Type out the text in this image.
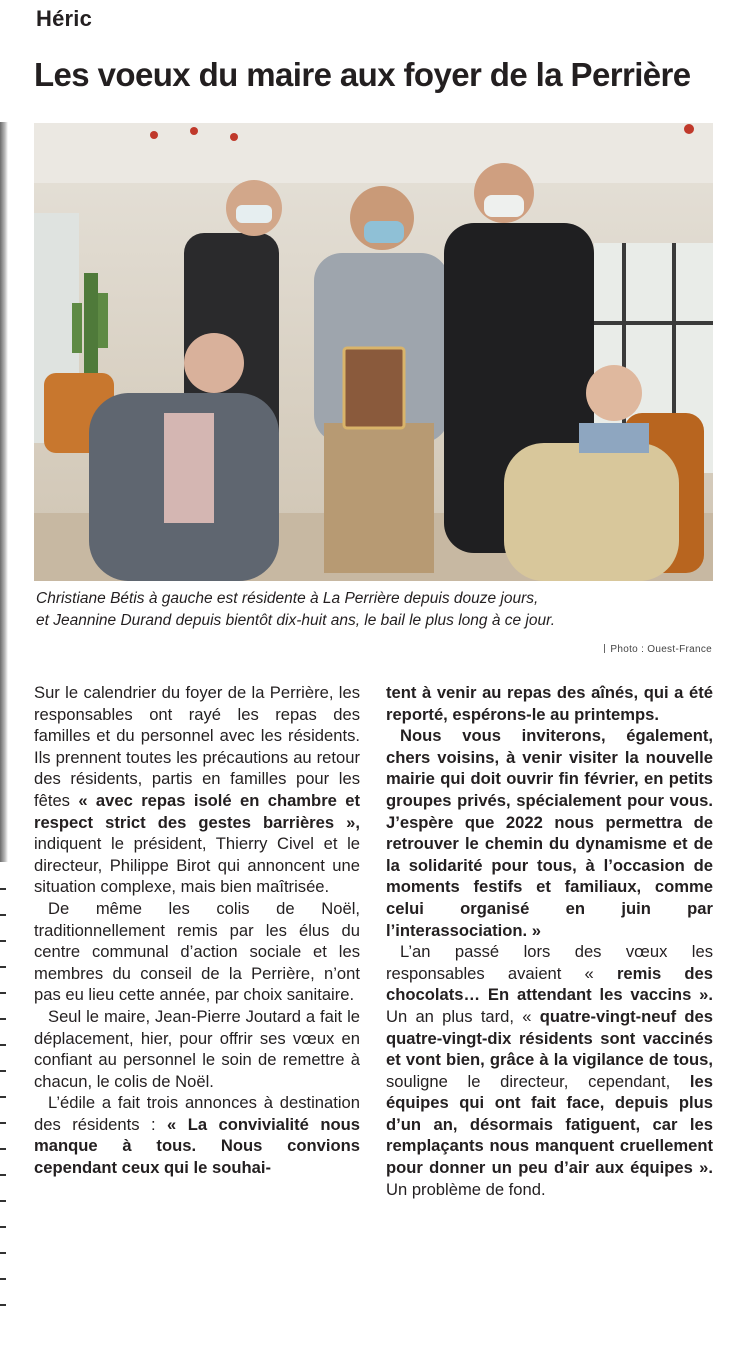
Héric
Les voeux du maire aux foyer de la Perrière

Christiane Bétis à gauche est résidente à La Perrière depuis douze jours,

et Jeannine Durand depuis bientôt dix-huit ans, le bail le plus long à ce jour.

Photo : Ouest-France

Sur le calendrier du foyer de la Perrière, les responsables ont rayé les repas des familles et du personnel avec les résidents. Ils prennent toutes les précautions au retour des résidents, partis en familles pour les fêtes « avec repas isolé en chambre et respect strict des gestes barrières », indiquent le président, Thierry Civel et le directeur, Philippe Birot qui annoncent une situation complexe, mais bien maîtrisée.

De même les colis de Noël, traditionnellement remis par les élus du centre communal d’action sociale et les membres du conseil de la Perrière, n’ont pas eu lieu cette année, par choix sanitaire.

Seul le maire, Jean-Pierre Joutard a fait le déplacement, hier, pour offrir ses vœux en confiant au personnel le soin de remettre à chacun, le colis de Noël.

L’édile a fait trois annonces à destination des résidents : « La convivialité nous manque à tous. Nous convions cependant ceux qui le souhai-

tent à venir au repas des aînés, qui a été reporté, espérons-le au printemps.

Nous vous inviterons, également, chers voisins, à venir visiter la nouvelle mairie qui doit ouvrir fin février, en petits groupes privés, spécialement pour vous. J’espère que 2022 nous permettra de retrouver le chemin du dynamisme et de la solidarité pour tous, à l’occasion de moments festifs et familiaux, comme celui organisé en juin par l’interassociation. »

L’an passé lors des vœux les responsables avaient « remis des chocolats… En attendant les vaccins ». Un an plus tard, « quatre-vingt-neuf des quatre-vingt-dix résidents sont vaccinés et vont bien, grâce à la vigilance de tous, souligne le directeur, cependant, les équipes qui ont fait face, depuis plus d’un an, désormais fatiguent, car les remplaçants nous manquent cruellement pour donner un peu d’air aux équipes ». Un problème de fond.
